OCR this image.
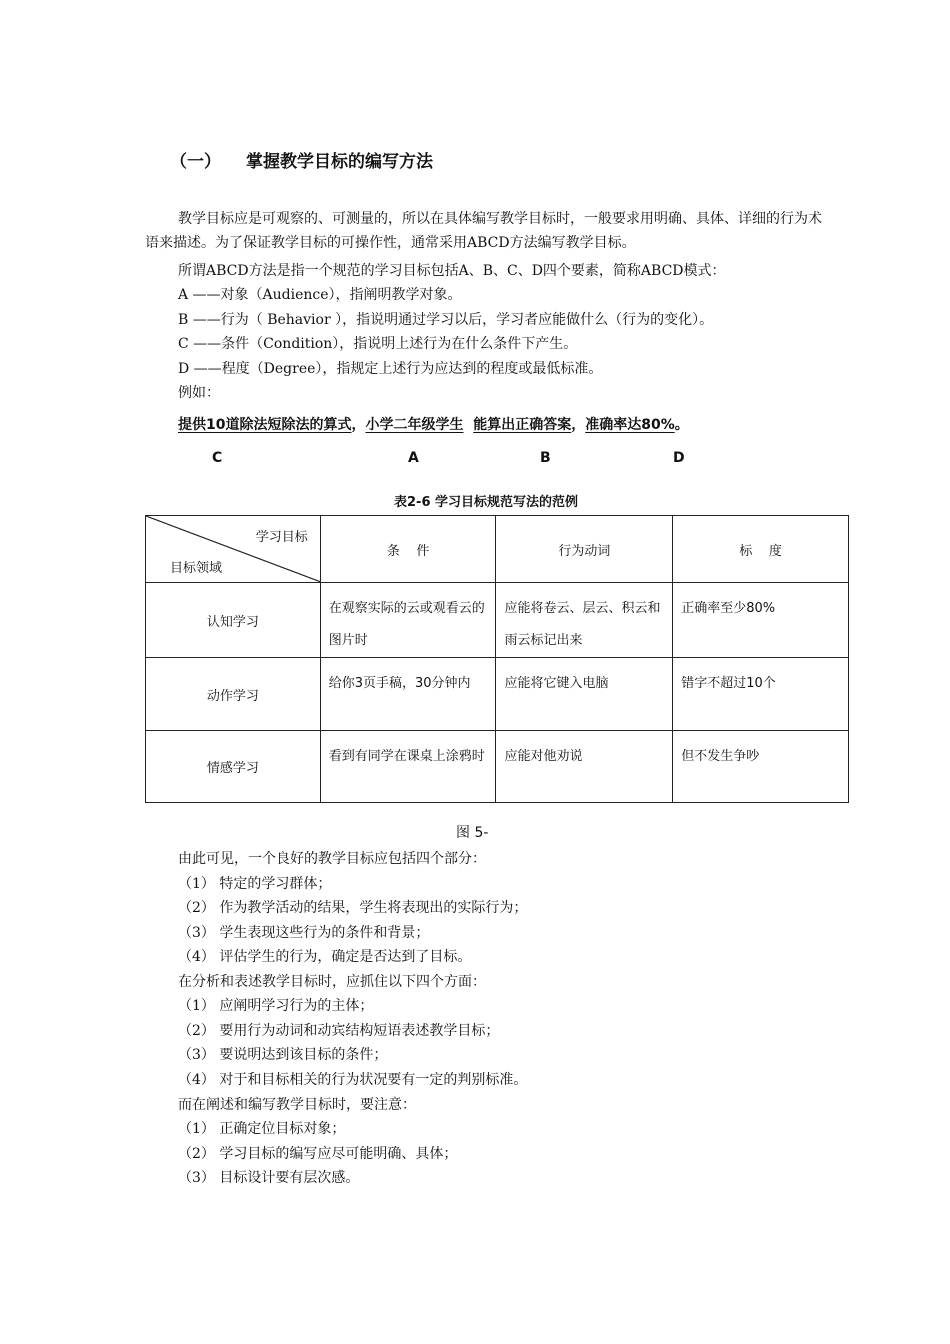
（一） 掌握教学目标的编写方法
教学目标应是可观察的、可测量的，所以在具体编写教学目标时，一般要求用明确、具体、详细的行为术语来描述。为了保证教学目标的可操作性，通常采用ABCD方法编写教学目标。
所谓ABCD方法是指一个规范的学习目标包括A、B、C、D四个要素，简称ABCD模式：
A ——对象（Audience），指阐明教学对象。
B ——行为（ Behavior ），指说明通过学习以后，学习者应能做什么（行为的变化）。
C ——条件（Condition），指说明上述行为在什么条件下产生。
D ——程度（Degree），指规定上述行为应达到的程度或最低标准。
例如：
提供10道除法短除法的算式，小学二年级学生 能算出正确答案，准确率达80%。
C	A	B	D
表2-6 学习目标规范写法的范例
学习目标
目标领域	条    件	行为动词	标    度
认知学习	在观察实际的云或观看云的图片时	应能将卷云、层云、积云和雨云标记出来	正确率至少80%
动作学习	给你3页手稿，30分钟内	应能将它键入电脑	错字不超过10个
情感学习	看到有同学在课桌上涂鸦时	应能对他劝说	但不发生争吵
图 5-
由此可见，一个良好的教学目标应包括四个部分：
（1） 特定的学习群体；
（2） 作为教学活动的结果，学生将表现出的实际行为；
（3） 学生表现这些行为的条件和背景；
（4） 评估学生的行为，确定是否达到了目标。
在分析和表述教学目标时，应抓住以下四个方面：
（1） 应阐明学习行为的主体；
（2） 要用行为动词和动宾结构短语表述教学目标；
（3） 要说明达到该目标的条件；
（4） 对于和目标相关的行为状况要有一定的判别标准。
而在阐述和编写教学目标时，要注意：
（1） 正确定位目标对象；
（2） 学习目标的编写应尽可能明确、具体；
（3） 目标设计要有层次感。
